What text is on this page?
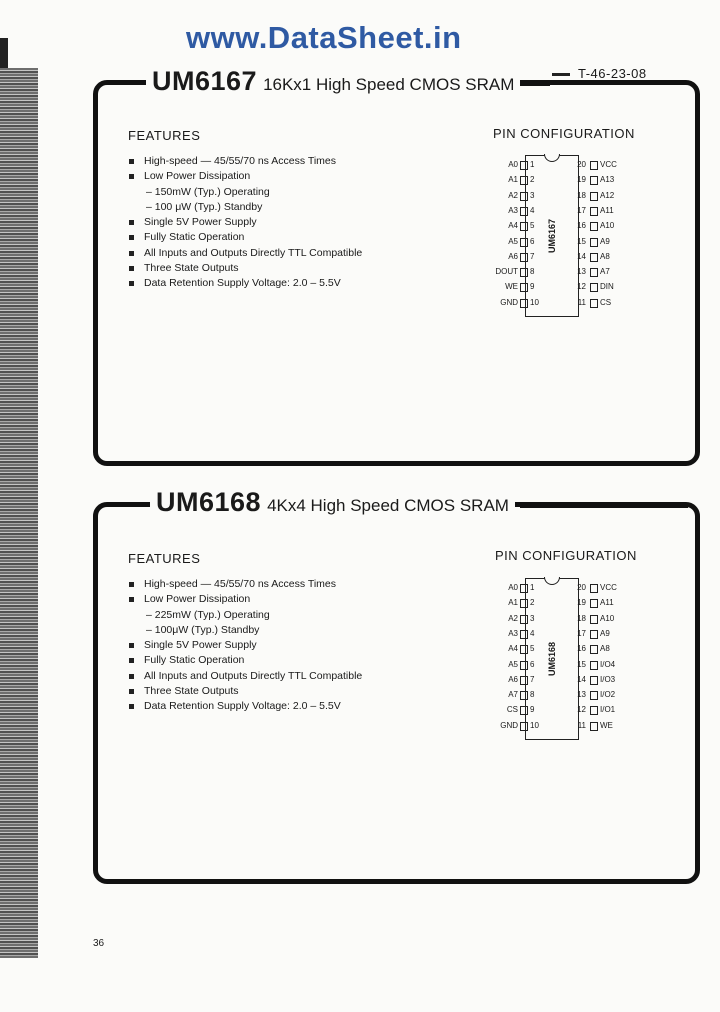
www.DataSheet.in
T-46-23-08
UM6167 16Kx1 High Speed CMOS SRAM
FEATURES
High-speed — 45/55/70 ns Access Times
Low Power Dissipation
– 150mW (Typ.) Operating
– 100 μW (Typ.) Standby
Single 5V Power Supply
Fully Static Operation
All Inputs and Outputs Directly TTL Compatible
Three State Outputs
Data Retention Supply Voltage: 2.0 – 5.5V
PIN CONFIGURATION
UM6167
A0 1	20 VCC
A1 2	19 A13
A2 3	18 A12
A3 4	17 A11
A4 5	16 A10
A5 6	15 A9
A6 7	14 A8
DOUT 8	13 A7
WE 9	12 DIN
GND 10	11 CS
UM6168 4Kx4 High Speed CMOS SRAM
FEATURES
High-speed — 45/55/70 ns Access Times
Low Power Dissipation
– 225mW (Typ.) Operating
– 100μW (Typ.) Standby
Single 5V Power Supply
Fully Static Operation
All Inputs and Outputs Directly TTL Compatible
Three State Outputs
Data Retention Supply Voltage: 2.0 – 5.5V
PIN CONFIGURATION
UM6168
A0 1	20 VCC
A1 2	19 A11
A2 3	18 A10
A3 4	17 A9
A4 5	16 A8
A5 6	15 I/O4
A6 7	14 I/O3
A7 8	13 I/O2
CS 9	12 I/O1
GND 10	11 WE
36
